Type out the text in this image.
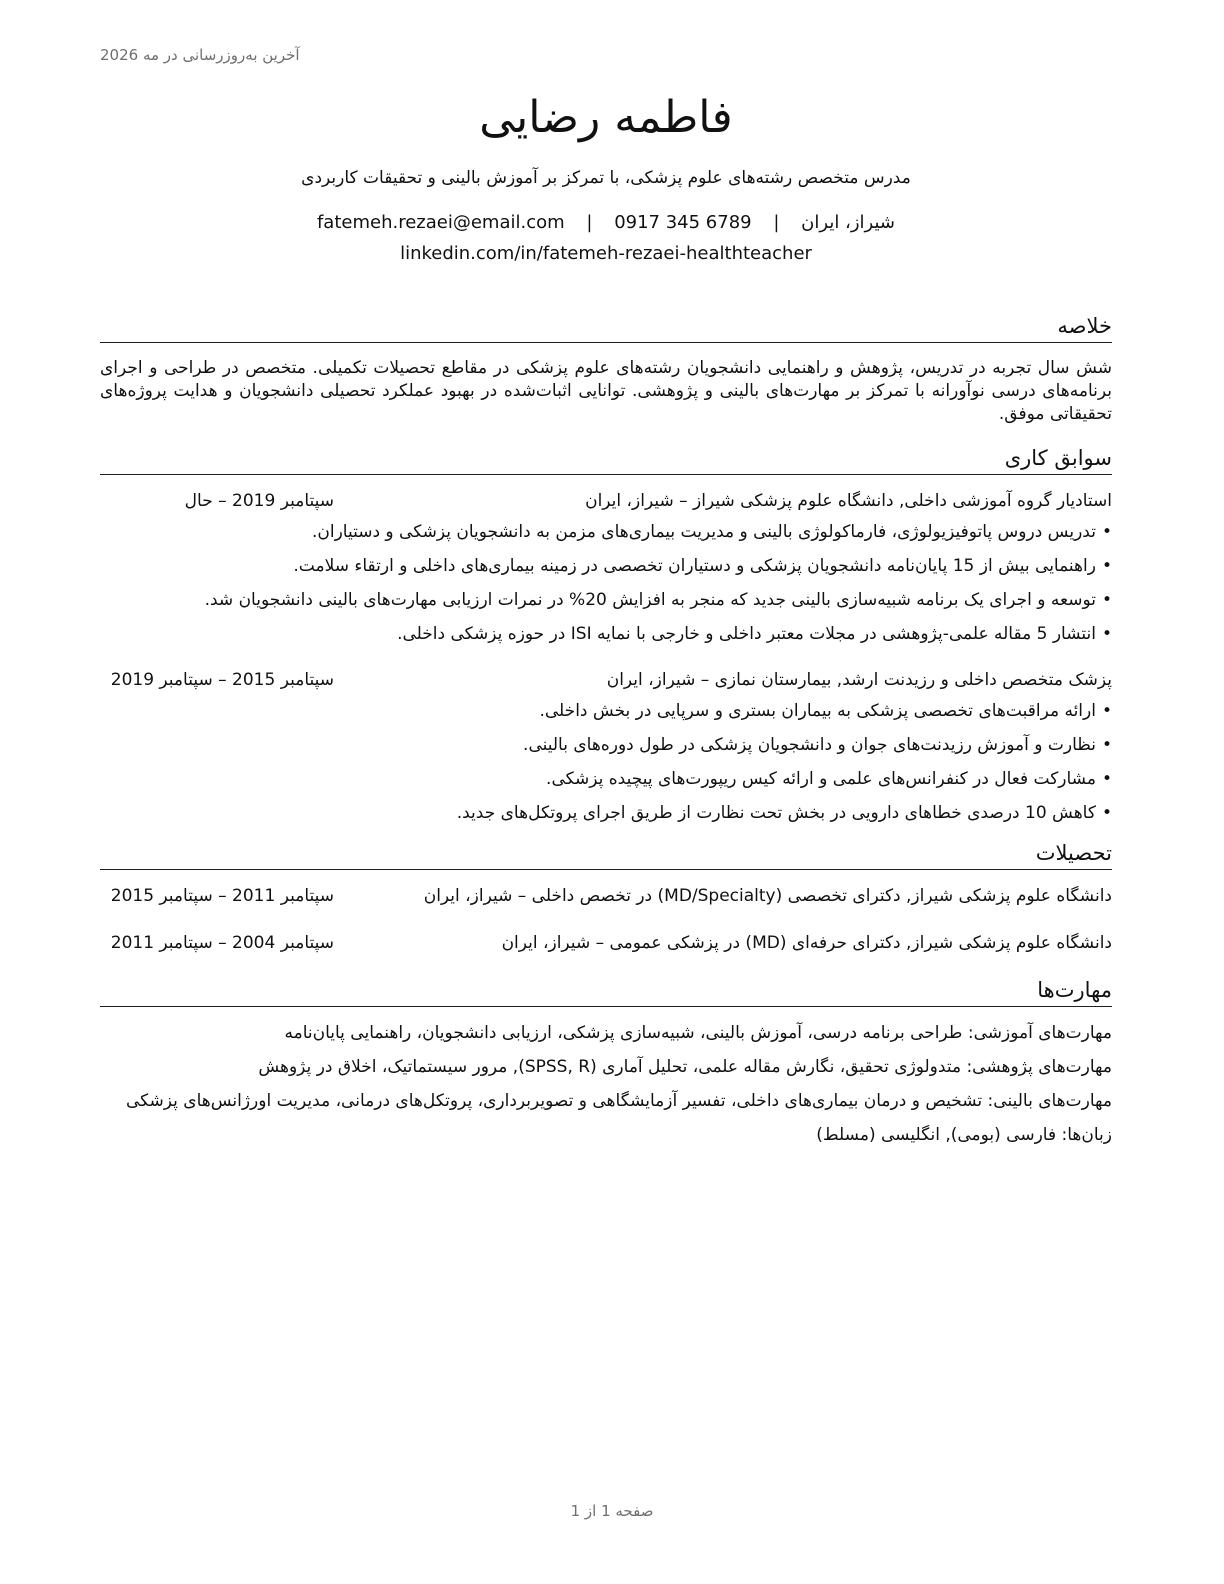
آخرین به‌روزرسانی در مه 2026
فاطمه رضایی
مدرس متخصص رشته‌های علوم پزشکی، با تمرکز بر آموزش بالینی و تحقیقات کاربردی
شیراز، ایران | fatemeh.rezaei@email.com | 0917 345 6789
linkedin.com/in/fatemeh-rezaei-healthteacher
خلاصه

شش سال تجربه در تدریس، پژوهش و راهنمایی دانشجویان رشته‌های علوم پزشکی در مقاطع تحصیلات تکمیلی. متخصص در طراحی و اجرای برنامه‌های درسی نوآورانه با تمرکز بر مهارت‌های بالینی و پژوهشی. توانایی اثبات‌شده در بهبود عملکرد تحصیلی دانشجویان و هدایت پروژه‌های تحقیقاتی موفق.

سوابق کاری
استادیار گروه آموزشی داخلی, دانشگاه علوم پزشکی شیراز – شیراز، ایران
سپتامبر 2019 – حال
•تدریس دروس پاتوفیزیولوژی، فارماکولوژی بالینی و مدیریت بیماری‌های مزمن به دانشجویان پزشکی و دستیاران.
•راهنمایی بیش از 15 پایان‌نامه دانشجویان پزشکی و دستیاران تخصصی در زمینه بیماری‌های داخلی و ارتقاء سلامت.
•توسعه و اجرای یک برنامه شبیه‌سازی بالینی جدید که منجر به افزایش 20% در نمرات ارزیابی مهارت‌های بالینی دانشجویان شد.
•انتشار 5 مقاله علمی-پژوهشی در مجلات معتبر داخلی و خارجی با نمایه ISI در حوزه پزشکی داخلی.
پزشک متخصص داخلی و رزیدنت ارشد, بیمارستان نمازی – شیراز، ایران
سپتامبر 2015 – سپتامبر 2019
•ارائه مراقبت‌های تخصصی پزشکی به بیماران بستری و سرپایی در بخش داخلی.
•نظارت و آموزش رزیدنت‌های جوان و دانشجویان پزشکی در طول دوره‌های بالینی.
•مشارکت فعال در کنفرانس‌های علمی و ارائه کیس ریپورت‌های پیچیده پزشکی.
•کاهش 10 درصدی خطاهای دارویی در بخش تحت نظارت از طریق اجرای پروتکل‌های جدید.
تحصیلات
دانشگاه علوم پزشکی شیراز, دکترای تخصصی (MD/Specialty) در تخصص داخلی – شیراز، ایران
سپتامبر 2011 – سپتامبر 2015
دانشگاه علوم پزشکی شیراز, دکترای حرفه‌ای (MD) در پزشکی عمومی – شیراز، ایران
سپتامبر 2004 – سپتامبر 2011
مهارت‌ها
مهارت‌های آموزشی: طراحی برنامه درسی، آموزش بالینی، شبیه‌سازی پزشکی، ارزیابی دانشجویان، راهنمایی پایان‌نامه
مهارت‌های پژوهشی: متدولوژی تحقیق، نگارش مقاله علمی، تحلیل آماری (SPSS, R), مرور سیستماتیک، اخلاق در پژوهش
مهارت‌های بالینی: تشخیص و درمان بیماری‌های داخلی، تفسیر آزمایشگاهی و تصویربرداری، پروتکل‌های درمانی، مدیریت اورژانس‌های پزشکی
زبان‌ها: فارسی (بومی), انگلیسی (مسلط)
صفحه 1 از 1
